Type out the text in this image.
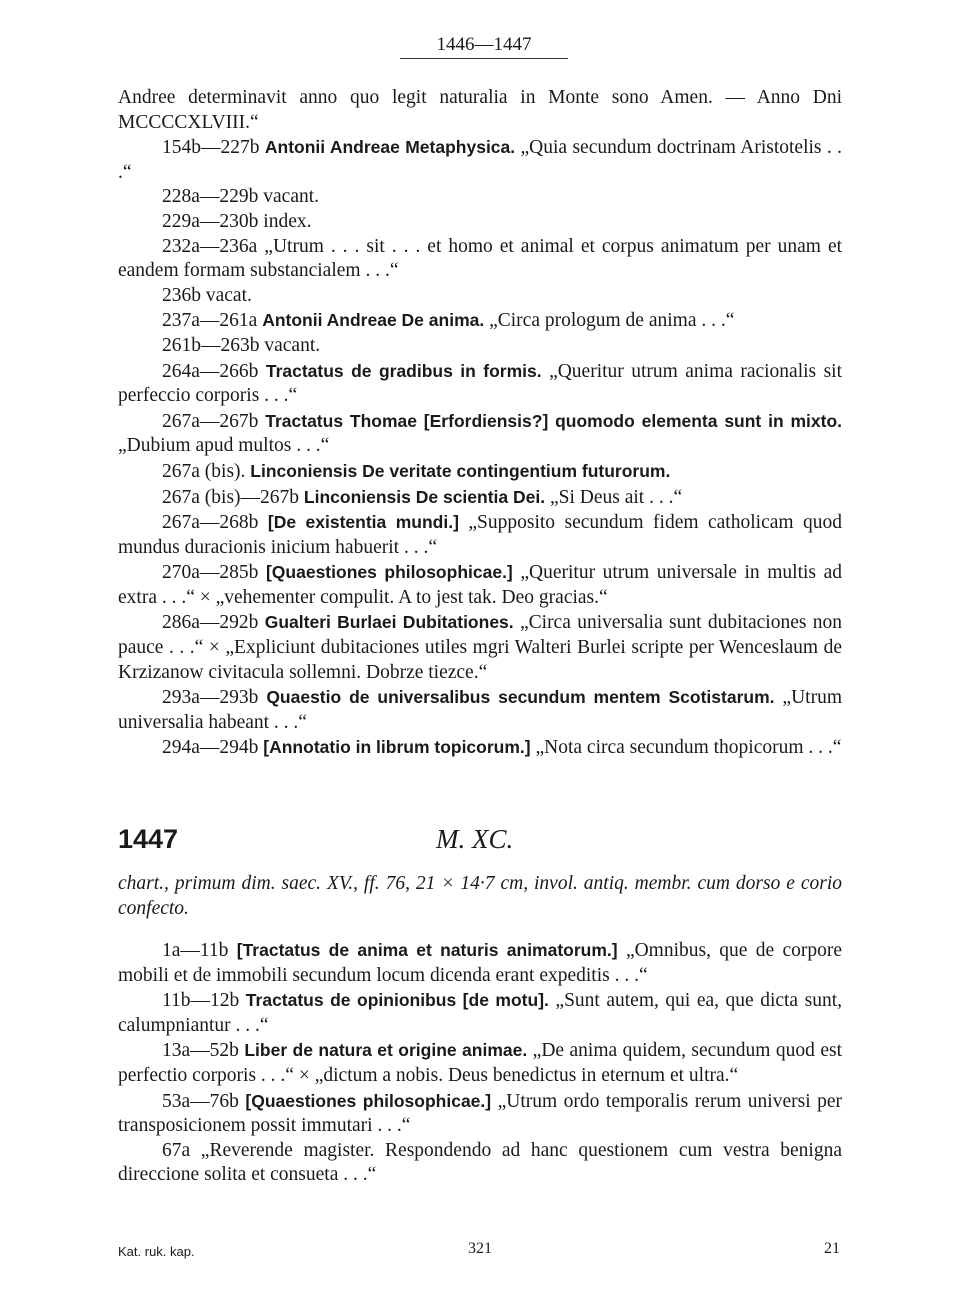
1446—1447

Andree determinavit anno quo legit naturalia in Monte sono Amen. — Anno Dni MCCCCXLVIII.“

154b—227b Antonii Andreae Metaphysica. „Quia secundum doctrinam Aristotelis . . .“

228a—229b vacant.

229a—230b index.

232a—236a „Utrum . . . sit . . . et homo et animal et corpus animatum per unam et eandem formam substancialem . . .“

236b vacat.

237a—261a Antonii Andreae De anima. „Circa prologum de anima . . .“

261b—263b vacant.

264a—266b Tractatus de gradibus in formis. „Queritur utrum anima racionalis sit perfeccio corporis . . .“

267a—267b Tractatus Thomae [Erfordiensis?] quomodo elementa sunt in mixto. „Dubium apud multos . . .“

267a (bis). Linconiensis De veritate contingentium futurorum.

267a (bis)—267b Linconiensis De scientia Dei. „Si Deus ait . . .“

267a—268b [De existentia mundi.] „Supposito secundum fidem catholicam quod mundus duracionis inicium habuerit . . .“

270a—285b [Quaestiones philosophicae.] „Queritur utrum universale in multis ad extra . . .“ × „vehementer compulit. A to jest tak. Deo gracias.“

286a—292b Gualteri Burlaei Dubitationes. „Circa universalia sunt dubitaciones non pauce . . .“ × „Expliciunt dubitaciones utiles mgri Walteri Burlei scripte per Wenceslaum de Krzizanow civitacula sollemni. Dobrze tiezce.“

293a—293b Quaestio de universalibus secundum mentem Scotistarum. „Utrum universalia habeant . . .“

294a—294b [Annotatio in librum topicorum.] „Nota circa secundum thopicorum . . .“

1447	M. XC.
chart., primum dim. saec. XV., ff. 76, 21 × 14·7 cm, invol. antiq. membr. cum dorso e corio confecto.

1a—11b [Tractatus de anima et naturis animatorum.] „Omnibus, que de corpore mobili et de immobili secundum locum dicenda erant expeditis . . .“

11b—12b Tractatus de opinionibus [de motu]. „Sunt autem, qui ea, que dicta sunt, calumpniantur . . .“

13a—52b Liber de natura et origine animae. „De anima quidem, secundum quod est perfectio corporis . . .“ × „dictum a nobis. Deus benedictus in eternum et ultra.“

53a—76b [Quaestiones philosophicae.] „Utrum ordo temporalis rerum universi per transposicionem possit immutari . . .“

67a „Reverende magister. Respondendo ad hanc questionem cum vestra benigna direccione solita et consueta . . .“

Kat. ruk. kap.	321	21
